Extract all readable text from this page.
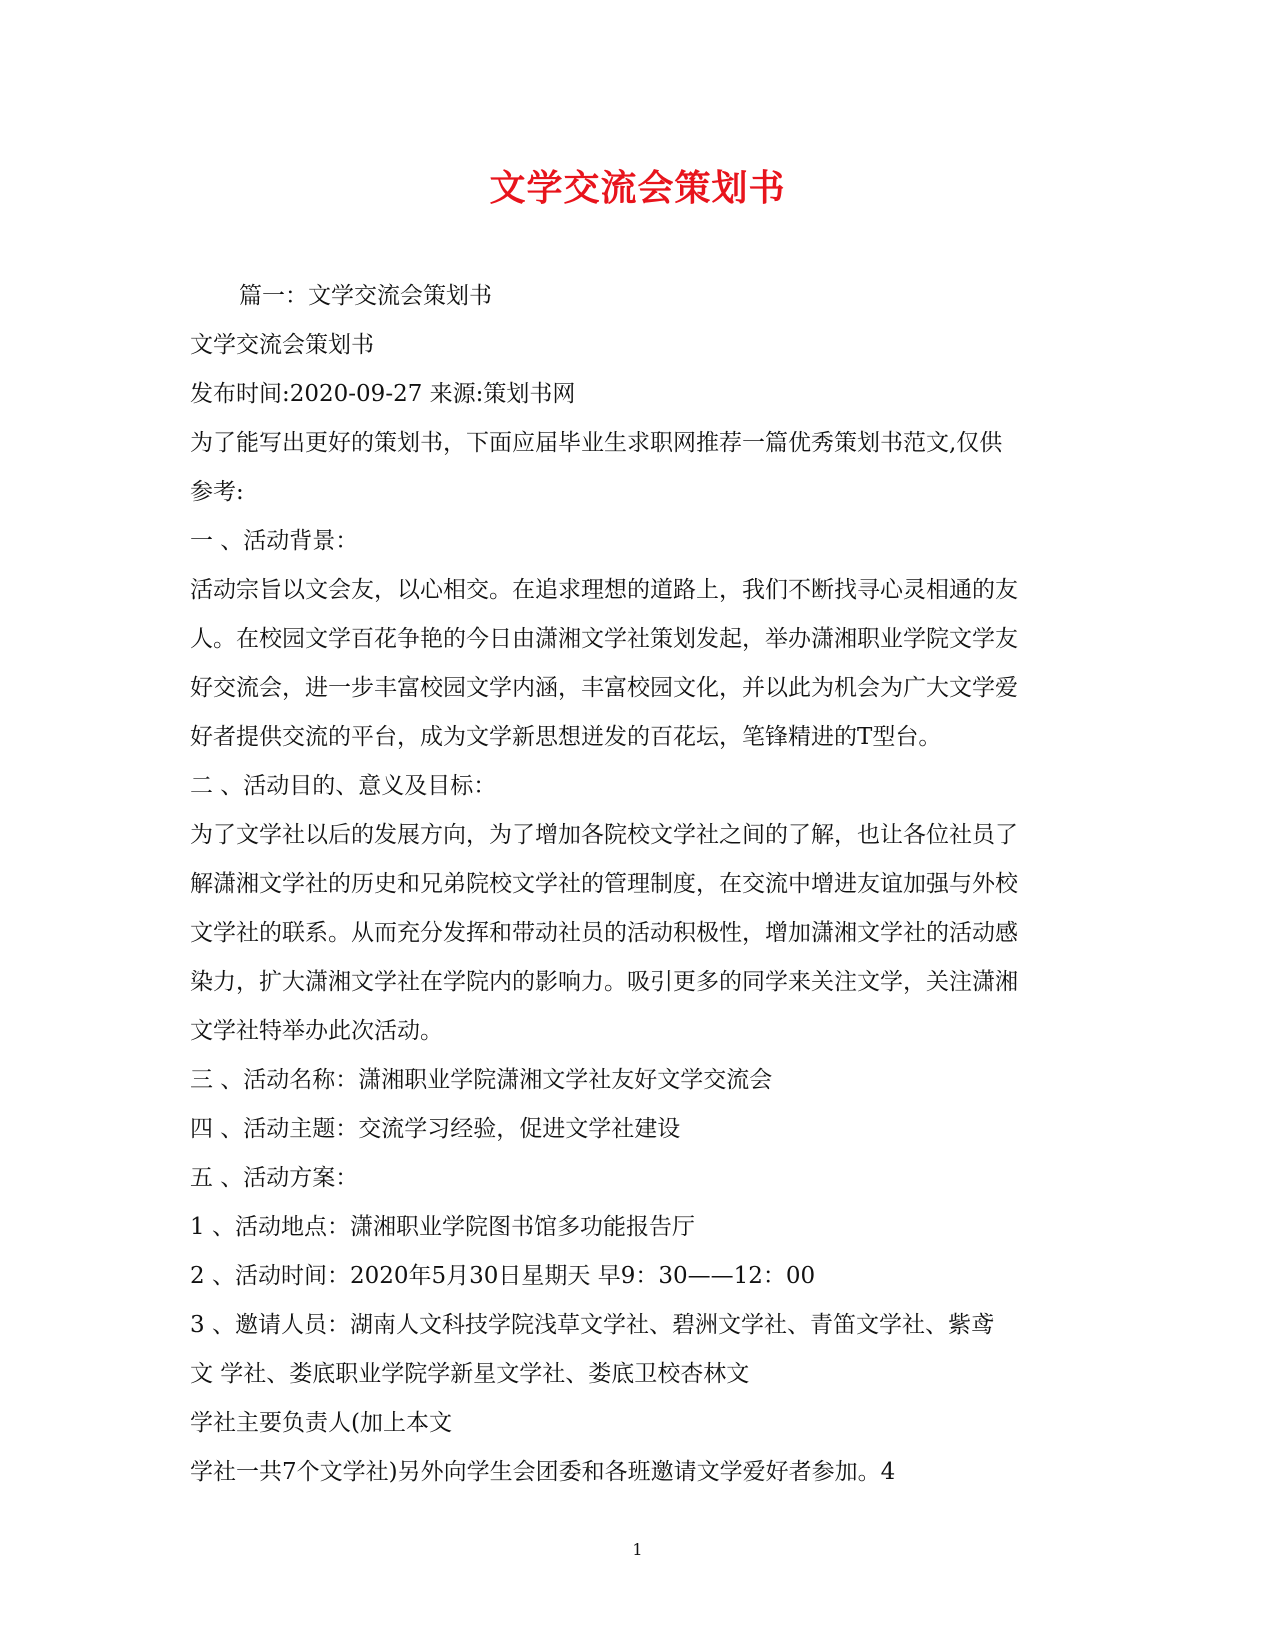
文学交流会策划书

篇一：文学交流会策划书

文学交流会策划书

发布时间:2020-09-27 来源:策划书网

为了能写出更好的策划书，下面应届毕业生求职网推荐一篇优秀策划书范文,仅供

参考:

一 、活动背景：

活动宗旨以文会友，以心相交。在追求理想的道路上，我们不断找寻心灵相通的友

人。在校园文学百花争艳的今日由潇湘文学社策划发起，举办潇湘职业学院文学友

好交流会，进一步丰富校园文学内涵，丰富校园文化，并以此为机会为广大文学爱

好者提供交流的平台，成为文学新思想迸发的百花坛，笔锋精进的T型台。

二 、活动目的、意义及目标：

为了文学社以后的发展方向，为了增加各院校文学社之间的了解，也让各位社员了

解潇湘文学社的历史和兄弟院校文学社的管理制度，在交流中增进友谊加强与外校

文学社的联系。从而充分发挥和带动社员的活动积极性，增加潇湘文学社的活动感

染力，扩大潇湘文学社在学院内的影响力。吸引更多的同学来关注文学，关注潇湘

文学社特举办此次活动。

三 、活动名称：潇湘职业学院潇湘文学社友好文学交流会

四 、活动主题：交流学习经验，促进文学社建设

五 、活动方案：

1 、活动地点：潇湘职业学院图书馆多功能报告厅

2 、活动时间：2020年5月30日星期天 早9：30——12：00

3 、邀请人员：湖南人文科技学院浅草文学社、碧洲文学社、青笛文学社、紫鸢

文 学社、娄底职业学院学新星文学社、娄底卫校杏林文

学社主要负责人(加上本文

学社一共7个文学社)另外向学生会团委和各班邀请文学爱好者参加。4

1
